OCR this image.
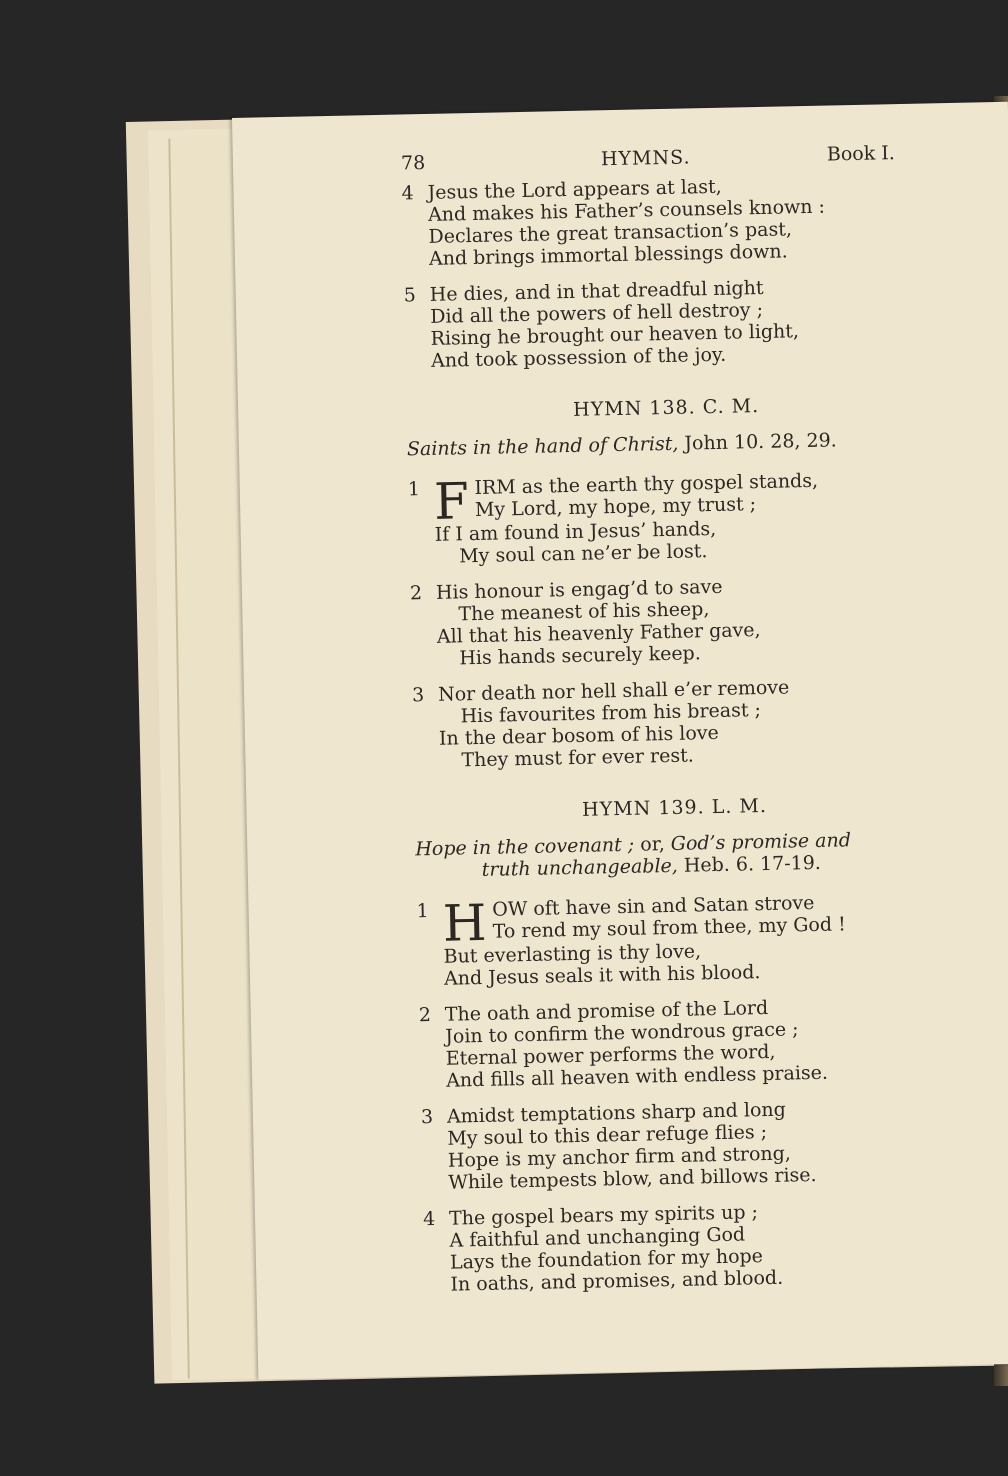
78	HYMNS.	Book I.
4 Jesus the Lord appears at last,
And makes his Father’s counsels known :
Declares the great transaction’s past,
And brings immortal blessings down.
5 He dies, and in that dreadful night
Did all the powers of hell destroy ;
Rising he brought our heaven to light,
And took possession of the joy.
HYMN 138. C. M.
Saints in the hand of Christ, John 10. 28, 29.
1 F IRM as the earth thy gospel stands,
My Lord, my hope, my trust ;
If I am found in Jesus’ hands,
My soul can ne’er be lost.
2 His honour is engag’d to save
The meanest of his sheep,
All that his heavenly Father gave,
His hands securely keep.
3 Nor death nor hell shall e’er remove
His favourites from his breast ;
In the dear bosom of his love
They must for ever rest.
HYMN 139. L. M.
Hope in the covenant ; or, God’s promise and
truth unchangeable, Heb. 6. 17-19.
1 H OW oft have sin and Satan strove
To rend my soul from thee, my God !
But everlasting is thy love,
And Jesus seals it with his blood.
2 The oath and promise of the Lord
Join to confirm the wondrous grace ;
Eternal power performs the word,
And fills all heaven with endless praise.
3 Amidst temptations sharp and long
My soul to this dear refuge flies ;
Hope is my anchor firm and strong,
While tempests blow, and billows rise.
4 The gospel bears my spirits up ;
A faithful and unchanging God
Lays the foundation for my hope
In oaths, and promises, and blood.
